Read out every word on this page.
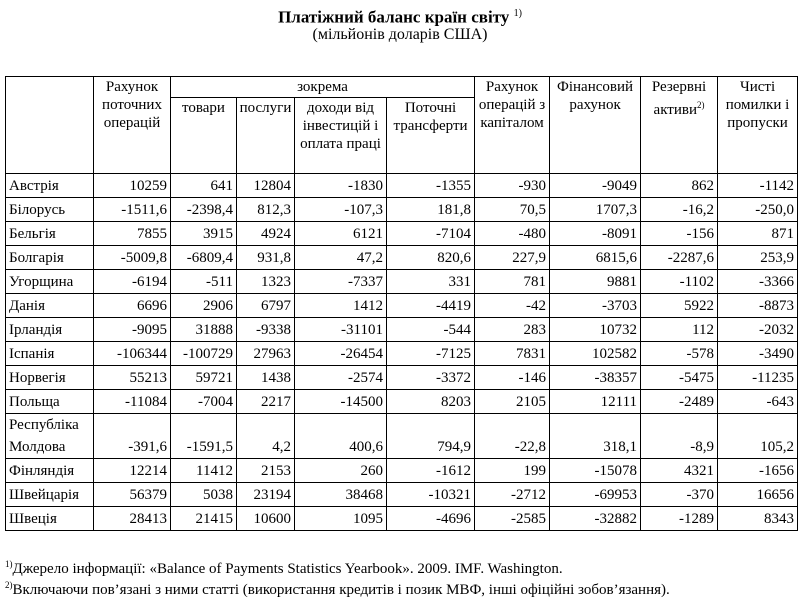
Платіжний баланс країн світу $^{1)}$
(мільйонів доларів США)
	Рахунок поточних операцій	зокрема				Рахунок операцій з капіталом	Фінансовий рахунок	Резервні активи$^{2)}$	Чисті помилки і пропуски
		товари	послуги	доходи від інвестицій і оплата праці	Поточні трансферти				
Австрія	10259	641	12804	-1830	-1355	-930	-9049	862	-1142
Білорусь	-1511,6	-2398,4	812,3	-107,3	181,8	70,5	1707,3	-16,2	-250,0
Бельгія	7855	3915	4924	6121	-7104	-480	-8091	-156	871
Болгарія	-5009,8	-6809,4	931,8	47,2	820,6	227,9	6815,6	-2287,6	253,9
Угорщина	-6194	-511	1323	-7337	331	781	9881	-1102	-3366
Данія	6696	2906	6797	1412	-4419	-42	-3703	5922	-8873
Ірландія	-9095	31888	-9338	-31101	-544	283	10732	112	-2032
Іспанія	-106344	-100729	27963	-26454	-7125	7831	102582	-578	-3490
Норвегія	55213	59721	1438	-2574	-3372	-146	-38357	-5475	-11235
Польща	-11084	-7004	2217	-14500	8203	2105	12111	-2489	-643
Республіка Молдова	-391,6	-1591,5	4,2	400,6	794,9	-22,8	318,1	-8,9	105,2
Фінляндія	12214	11412	2153	260	-1612	199	-15078	4321	-1656
Швейцарія	56379	5038	23194	38468	-10321	-2712	-69953	-370	16656
Швеція	28413	21415	10600	1095	-4696	-2585	-32882	-1289	8343
$^{1)}$Джерело інформації: «Balance of Payments Statistics Yearbook». 2009. IMF. Washington.
$^{2)}$Включаючи пов’язані з ними статті (використання кредитів і позик МВФ, інші офіційні зобов’язання).
